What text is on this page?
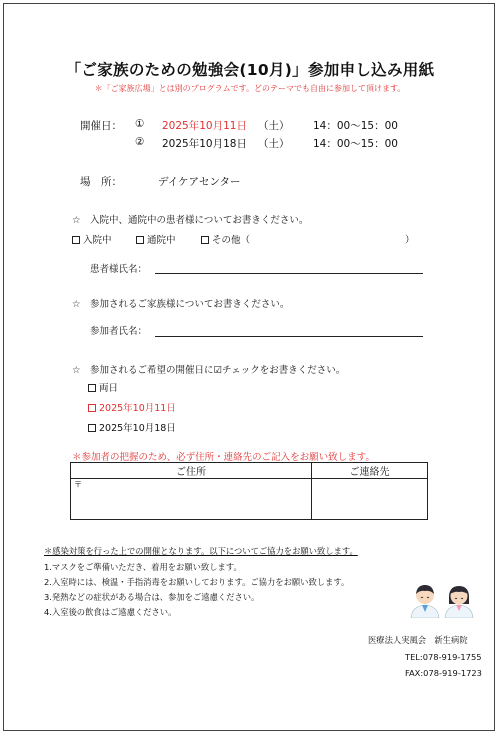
「ご家族のための勉強会(10月)」参加申し込み用紙
＊「ご家族広場」とは別のプログラムです。どのテーマでも自由に参加して頂けます。
開催日： ① 2025年10月11日 （土） 14：00〜15：00
② 2025年10月18日 （土） 14：00〜15：00
場　所：	デイケアセンター
☆　入院中、通院中の患者様についてお書きください。
入院中	通院中	その他（	）
患者様氏名：
☆　参加されるご家族様についてお書きください。
参加者氏名：
☆　参加されるご希望の開催日に☑チェックをお書きください。
両日
2025年10月11日
2025年10月18日
＊参加者の把握のため、必ず住所・連絡先のご記入をお願い致します。
ご住所	ご連絡先
〒	
＊感染対策を行った上での開催となります。以下についてご協力をお願い致します。
1.マスクをご準備いただき、着用をお願い致します。
2.入室時には、検温・手指消毒をお願いしております。ご協力をお願い致します。
3.発熱などの症状がある場合は、参加をご遠慮ください。
4.入室後の飲食はご遠慮ください。
医療法人実風会　新生病院
TEL:078-919-1755
FAX:078-919-1723
